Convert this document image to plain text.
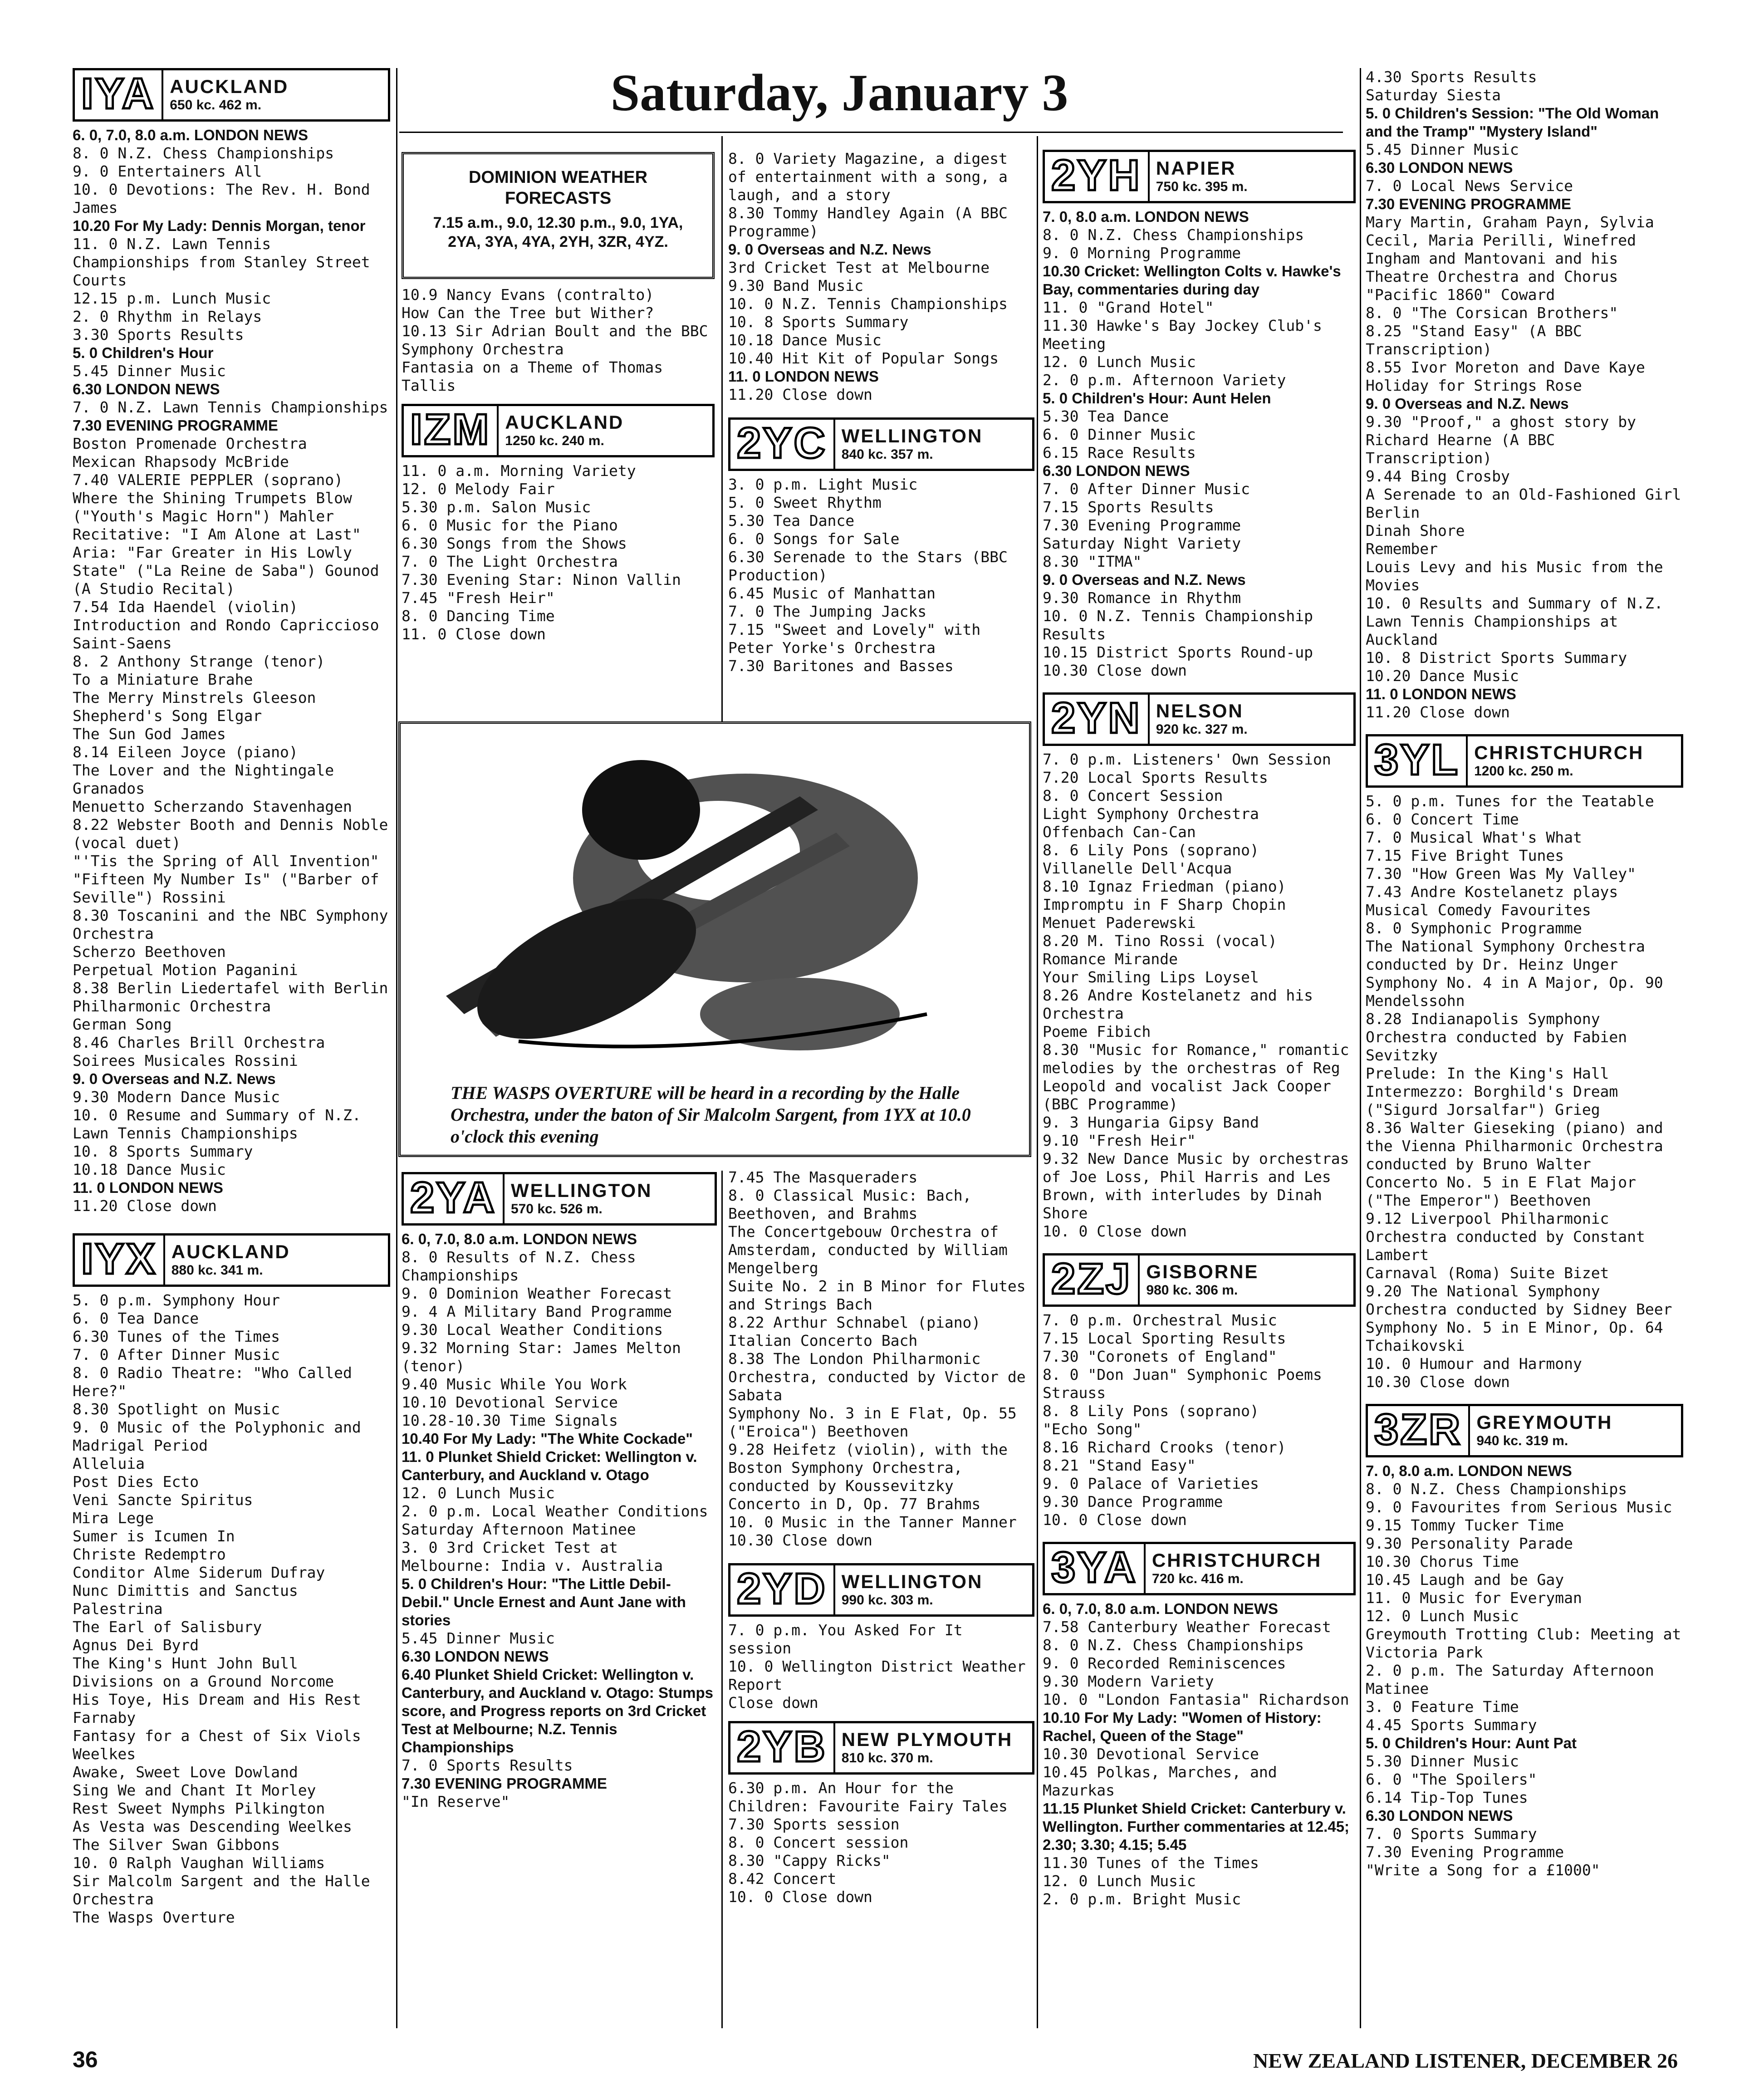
Saturday, January 3
IYA AUCKLAND
650 kc. 462 m.
6. 0, 7.0, 8.0 a.m. LONDON NEWS
8. 0 N.Z. Chess Championships
9. 0 Entertainers All
10. 0 Devotions: The Rev. H. Bond James
10.20 For My Lady: Dennis Morgan, tenor
11. 0 N.Z. Lawn Tennis Championships from Stanley Street Courts
12.15 p.m. Lunch Music
2. 0 Rhythm in Relays
3.30 Sports Results
5. 0 Children's Hour
5.45 Dinner Music
6.30 LONDON NEWS
7. 0 N.Z. Lawn Tennis Championships
7.30 EVENING PROGRAMME
Boston Promenade Orchestra
Mexican Rhapsody McBride
7.40 VALERIE PEPPLER (soprano)
Where the Shining Trumpets Blow ("Youth's Magic Horn") Mahler
Recitative: "I Am Alone at Last"
Aria: "Far Greater in His Lowly State" ("La Reine de Saba") Gounod
(A Studio Recital)
7.54 Ida Haendel (violin)
Introduction and Rondo Capriccioso Saint-Saens
8. 2 Anthony Strange (tenor)
To a Miniature Brahe
The Merry Minstrels Gleeson
Shepherd's Song Elgar
The Sun God James
8.14 Eileen Joyce (piano)
The Lover and the Nightingale Granados
Menuetto Scherzando Stavenhagen
8.22 Webster Booth and Dennis Noble (vocal duet)
"'Tis the Spring of All Invention"
"Fifteen My Number Is" ("Barber of Seville") Rossini
8.30 Toscanini and the NBC Symphony Orchestra
Scherzo Beethoven
Perpetual Motion Paganini
8.38 Berlin Liedertafel with Berlin Philharmonic Orchestra
German Song
8.46 Charles Brill Orchestra
Soirees Musicales Rossini
9. 0 Overseas and N.Z. News
9.30 Modern Dance Music
10. 0 Resume and Summary of N.Z. Lawn Tennis Championships
10. 8 Sports Summary
10.18 Dance Music
11. 0 LONDON NEWS
11.20 Close down
IYX AUCKLAND
880 kc. 341 m.
5. 0 p.m. Symphony Hour
6. 0 Tea Dance
6.30 Tunes of the Times
7. 0 After Dinner Music
8. 0 Radio Theatre: "Who Called Here?"
8.30 Spotlight on Music
9. 0 Music of the Polyphonic and Madrigal Period
Alleluia
Post Dies Ecto
Veni Sancte Spiritus
Mira Lege
Sumer is Icumen In
Christe Redemptro
Conditor Alme Siderum Dufray
Nunc Dimittis and Sanctus Palestrina
The Earl of Salisbury
Agnus Dei Byrd
The King's Hunt John Bull
Divisions on a Ground Norcome
His Toye, His Dream and His Rest Farnaby
Fantasy for a Chest of Six Viols Weelkes
Awake, Sweet Love Dowland
Sing We and Chant It Morley
Rest Sweet Nymphs Pilkington
As Vesta was Descending Weelkes
The Silver Swan Gibbons
10. 0 Ralph Vaughan Williams
Sir Malcolm Sargent and the Halle Orchestra
The Wasps Overture
DOMINION WEATHER FORECASTS
7.15 a.m., 9.0, 12.30 p.m., 9.0, 1YA, 2YA, 3YA, 4YA, 2YH, 3ZR, 4YZ.
10.9 Nancy Evans (contralto)
How Can the Tree but Wither?
10.13 Sir Adrian Boult and the BBC Symphony Orchestra
Fantasia on a Theme of Thomas Tallis
IZM AUCKLAND
1250 kc. 240 m.
11. 0 a.m. Morning Variety
12. 0 Melody Fair
5.30 p.m. Salon Music
6. 0 Music for the Piano
6.30 Songs from the Shows
7. 0 The Light Orchestra
7.30 Evening Star: Ninon Vallin
7.45 "Fresh Heir"
8. 0 Dancing Time
11. 0 Close down
8. 0 Variety Magazine, a digest of entertainment with a song, a laugh, and a story
8.30 Tommy Handley Again (A BBC Programme)
9. 0 Overseas and N.Z. News
3rd Cricket Test at Melbourne
9.30 Band Music
10. 0 N.Z. Tennis Championships
10. 8 Sports Summary
10.18 Dance Music
10.40 Hit Kit of Popular Songs
11. 0 LONDON NEWS
11.20 Close down
2YC WELLINGTON
840 kc. 357 m.
3. 0 p.m. Light Music
5. 0 Sweet Rhythm
5.30 Tea Dance
6. 0 Songs for Sale
6.30 Serenade to the Stars (BBC Production)
6.45 Music of Manhattan
7. 0 The Jumping Jacks
7.15 "Sweet and Lovely" with Peter Yorke's Orchestra
7.30 Baritones and Basses
THE WASPS OVERTURE will be heard in a recording by the Halle Orchestra, under the baton of Sir Malcolm Sargent, from 1YX at 10.0 o'clock this evening
2YA WELLINGTON
570 kc. 526 m.
6. 0, 7.0, 8.0 a.m. LONDON NEWS
8. 0 Results of N.Z. Chess Championships
9. 0 Dominion Weather Forecast
9. 4 A Military Band Programme
9.30 Local Weather Conditions
9.32 Morning Star: James Melton (tenor)
9.40 Music While You Work
10.10 Devotional Service
10.28-10.30 Time Signals
10.40 For My Lady: "The White Cockade"
11. 0 Plunket Shield Cricket: Wellington v. Canterbury, and Auckland v. Otago
12. 0 Lunch Music
2. 0 p.m. Local Weather Conditions
Saturday Afternoon Matinee
3. 0 3rd Cricket Test at Melbourne: India v. Australia
5. 0 Children's Hour: "The Little Debil-Debil." Uncle Ernest and Aunt Jane with stories
5.45 Dinner Music
6.30 LONDON NEWS
6.40 Plunket Shield Cricket: Wellington v. Canterbury, and Auckland v. Otago: Stumps score, and Progress reports on 3rd Cricket Test at Melbourne; N.Z. Tennis Championships
7. 0 Sports Results
7.30 EVENING PROGRAMME
"In Reserve"
7.45 The Masqueraders
8. 0 Classical Music: Bach, Beethoven, and Brahms
The Concertgebouw Orchestra of Amsterdam, conducted by William Mengelberg
Suite No. 2 in B Minor for Flutes and Strings Bach
8.22 Arthur Schnabel (piano)
Italian Concerto Bach
8.38 The London Philharmonic Orchestra, conducted by Victor de Sabata
Symphony No. 3 in E Flat, Op. 55 ("Eroica") Beethoven
9.28 Heifetz (violin), with the Boston Symphony Orchestra, conducted by Koussevitzky
Concerto in D, Op. 77 Brahms
10. 0 Music in the Tanner Manner
10.30 Close down
2YD WELLINGTON
990 kc. 303 m.
7. 0 p.m. You Asked For It session
10. 0 Wellington District Weather Report
Close down
2YB NEW PLYMOUTH
810 kc. 370 m.
6.30 p.m. An Hour for the Children: Favourite Fairy Tales
7.30 Sports session
8. 0 Concert session
8.30 "Cappy Ricks"
8.42 Concert
10. 0 Close down
2YH NAPIER
750 kc. 395 m.
7. 0, 8.0 a.m. LONDON NEWS
8. 0 N.Z. Chess Championships
9. 0 Morning Programme
10.30 Cricket: Wellington Colts v. Hawke's Bay, commentaries during day
11. 0 "Grand Hotel"
11.30 Hawke's Bay Jockey Club's Meeting
12. 0 Lunch Music
2. 0 p.m. Afternoon Variety
5. 0 Children's Hour: Aunt Helen
5.30 Tea Dance
6. 0 Dinner Music
6.15 Race Results
6.30 LONDON NEWS
7. 0 After Dinner Music
7.15 Sports Results
7.30 Evening Programme
Saturday Night Variety
8.30 "ITMA"
9. 0 Overseas and N.Z. News
9.30 Romance in Rhythm
10. 0 N.Z. Tennis Championship Results
10.15 District Sports Round-up
10.30 Close down
2YN NELSON
920 kc. 327 m.
7. 0 p.m. Listeners' Own Session
7.20 Local Sports Results
8. 0 Concert Session
Light Symphony Orchestra
Offenbach Can-Can
8. 6 Lily Pons (soprano)
Villanelle Dell'Acqua
8.10 Ignaz Friedman (piano)
Impromptu in F Sharp Chopin
Menuet Paderewski
8.20 M. Tino Rossi (vocal)
Romance Mirande
Your Smiling Lips Loysel
8.26 Andre Kostelanetz and his Orchestra
Poeme Fibich
8.30 "Music for Romance," romantic melodies by the orchestras of Reg Leopold and vocalist Jack Cooper
(BBC Programme)
9. 3 Hungaria Gipsy Band
9.10 "Fresh Heir"
9.32 New Dance Music by orchestras of Joe Loss, Phil Harris and Les Brown, with interludes by Dinah Shore
10. 0 Close down
2ZJ GISBORNE
980 kc. 306 m.
7. 0 p.m. Orchestral Music
7.15 Local Sporting Results
7.30 "Coronets of England"
8. 0 "Don Juan" Symphonic Poems Strauss
8. 8 Lily Pons (soprano)
"Echo Song"
8.16 Richard Crooks (tenor)
8.21 "Stand Easy"
9. 0 Palace of Varieties
9.30 Dance Programme
10. 0 Close down
3YA CHRISTCHURCH
720 kc. 416 m.
6. 0, 7.0, 8.0 a.m. LONDON NEWS
7.58 Canterbury Weather Forecast
8. 0 N.Z. Chess Championships
9. 0 Recorded Reminiscences
9.30 Modern Variety
10. 0 "London Fantasia" Richardson
10.10 For My Lady: "Women of History: Rachel, Queen of the Stage"
10.30 Devotional Service
10.45 Polkas, Marches, and Mazurkas
11.15 Plunket Shield Cricket: Canterbury v. Wellington. Further commentaries at 12.45; 2.30; 3.30; 4.15; 5.45
11.30 Tunes of the Times
12. 0 Lunch Music
2. 0 p.m. Bright Music
4.30 Sports Results
Saturday Siesta
5. 0 Children's Session: "The Old Woman and the Tramp" "Mystery Island"
5.45 Dinner Music
6.30 LONDON NEWS
7. 0 Local News Service
7.30 EVENING PROGRAMME
Mary Martin, Graham Payn, Sylvia Cecil, Maria Perilli, Winefred Ingham and Mantovani and his Theatre Orchestra and Chorus
"Pacific 1860" Coward
8. 0 "The Corsican Brothers"
8.25 "Stand Easy" (A BBC Transcription)
8.55 Ivor Moreton and Dave Kaye
Holiday for Strings Rose
9. 0 Overseas and N.Z. News
9.30 "Proof," a ghost story by Richard Hearne (A BBC Transcription)
9.44 Bing Crosby
A Serenade to an Old-Fashioned Girl Berlin
Dinah Shore
Remember
Louis Levy and his Music from the Movies
10. 0 Results and Summary of N.Z. Lawn Tennis Championships at Auckland
10. 8 District Sports Summary
10.20 Dance Music
11. 0 LONDON NEWS
11.20 Close down
3YL CHRISTCHURCH
1200 kc. 250 m.
5. 0 p.m. Tunes for the Teatable
6. 0 Concert Time
7. 0 Musical What's What
7.15 Five Bright Tunes
7.30 "How Green Was My Valley"
7.43 Andre Kostelanetz plays Musical Comedy Favourites
8. 0 Symphonic Programme
The National Symphony Orchestra conducted by Dr. Heinz Unger
Symphony No. 4 in A Major, Op. 90 Mendelssohn
8.28 Indianapolis Symphony Orchestra conducted by Fabien Sevitzky
Prelude: In the King's Hall
Intermezzo: Borghild's Dream ("Sigurd Jorsalfar") Grieg
8.36 Walter Gieseking (piano) and the Vienna Philharmonic Orchestra conducted by Bruno Walter
Concerto No. 5 in E Flat Major ("The Emperor") Beethoven
9.12 Liverpool Philharmonic Orchestra conducted by Constant Lambert
Carnaval (Roma) Suite Bizet
9.20 The National Symphony Orchestra conducted by Sidney Beer
Symphony No. 5 in E Minor, Op. 64 Tchaikovski
10. 0 Humour and Harmony
10.30 Close down
3ZR GREYMOUTH
940 kc. 319 m.
7. 0, 8.0 a.m. LONDON NEWS
8. 0 N.Z. Chess Championships
9. 0 Favourites from Serious Music
9.15 Tommy Tucker Time
9.30 Personality Parade
10.30 Chorus Time
10.45 Laugh and be Gay
11. 0 Music for Everyman
12. 0 Lunch Music
Greymouth Trotting Club: Meeting at Victoria Park
2. 0 p.m. The Saturday Afternoon Matinee
3. 0 Feature Time
4.45 Sports Summary
5. 0 Children's Hour: Aunt Pat
5.30 Dinner Music
6. 0 "The Spoilers"
6.14 Tip-Top Tunes
6.30 LONDON NEWS
7. 0 Sports Summary
7.30 Evening Programme
"Write a Song for a £1000"
36	NEW ZEALAND LISTENER, DECEMBER 26
